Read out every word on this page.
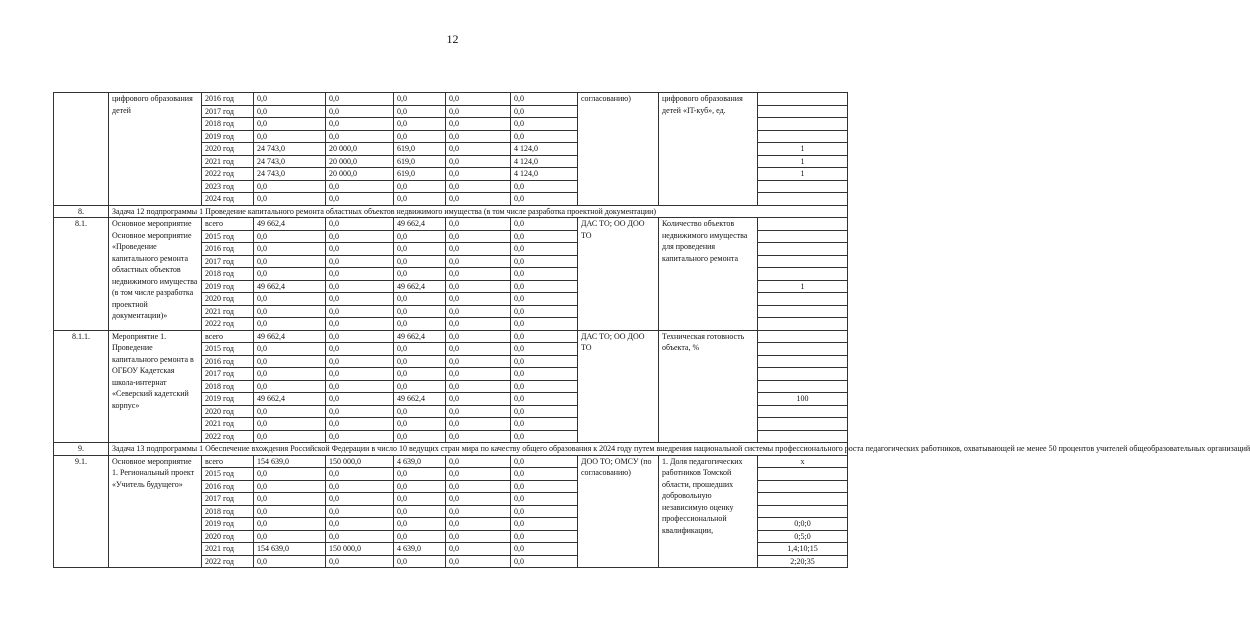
12
	цифрового образования детей	2016 год	0,0	0,0	0,0	0,0	0,0	согласованию)	цифрового образования детей «IT-куб», ед.	
		2017 год	0,0	0,0	0,0	0,0	0,0			
		2018 год	0,0	0,0	0,0	0,0	0,0			
		2019 год	0,0	0,0	0,0	0,0	0,0			
		2020 год	24 743,0	20 000,0	619,0	0,0	4 124,0			1
		2021 год	24 743,0	20 000,0	619,0	0,0	4 124,0			1
		2022 год	24 743,0	20 000,0	619,0	0,0	4 124,0			1
		2023 год	0,0	0,0	0,0	0,0	0,0			
		2024 год	0,0	0,0	0,0	0,0	0,0			
8.	Задача 12 подпрограммы 1 Проведение капитального ремонта областных объектов недвижимого имущества (в том числе разработка проектной документации)									
8.1.	Основное мероприятие Основное мероприятие «Проведение капитального ремонта областных объектов недвижимого имущества (в том числе разработка проектной документации)»	всего	49 662,4	0,0	49 662,4	0,0	0,0	ДАС ТО; ОО ДОО ТО	Количество объектов недвижимого имущества для проведения капитального ремонта	
		2015 год	0,0	0,0	0,0	0,0	0,0			
		2016 год	0,0	0,0	0,0	0,0	0,0			
		2017 год	0,0	0,0	0,0	0,0	0,0			
		2018 год	0,0	0,0	0,0	0,0	0,0			
		2019 год	49 662,4	0,0	49 662,4	0,0	0,0			1
		2020 год	0,0	0,0	0,0	0,0	0,0			
		2021 год	0,0	0,0	0,0	0,0	0,0			
		2022 год	0,0	0,0	0,0	0,0	0,0			
8.1.1.	Мероприятие 1. Проведение капитального ремонта в ОГБОУ Кадетская школа-интернат «Северский кадетский корпус»	всего	49 662,4	0,0	49 662,4	0,0	0,0	ДАС ТО; ОО ДОО ТО	Техническая готовность объекта, %	
		2015 год	0,0	0,0	0,0	0,0	0,0			
		2016 год	0,0	0,0	0,0	0,0	0,0			
		2017 год	0,0	0,0	0,0	0,0	0,0			
		2018 год	0,0	0,0	0,0	0,0	0,0			
		2019 год	49 662,4	0,0	49 662,4	0,0	0,0			100
		2020 год	0,0	0,0	0,0	0,0	0,0			
		2021 год	0,0	0,0	0,0	0,0	0,0			
		2022 год	0,0	0,0	0,0	0,0	0,0			
9.	Задача 13 подпрограммы 1 Обеспечение вхождения Российской Федерации в число 10 ведущих стран мира по качеству общего образования к 2024 году путем внедрения национальной системы профессионального роста педагогических работников, охватывающей не менее 50 процентов учителей общеобразовательных организаций									
9.1.	Основное мероприятие 1. Региональный проект «Учитель будущего»	всего	154 639,0	150 000,0	4 639,0	0,0	0,0	ДОО ТО; ОМСУ (по согласованию)	1. Доля педагогических работников Томской области, прошедших добровольную независимую оценку профессиональной квалификации,	x
		2015 год	0,0	0,0	0,0	0,0	0,0			
		2016 год	0,0	0,0	0,0	0,0	0,0			
		2017 год	0,0	0,0	0,0	0,0	0,0			
		2018 год	0,0	0,0	0,0	0,0	0,0			
		2019 год	0,0	0,0	0,0	0,0	0,0			0;0;0
		2020 год	0,0	0,0	0,0	0,0	0,0			0;5;0
		2021 год	154 639,0	150 000,0	4 639,0	0,0	0,0			1,4;10;15
		2022 год	0,0	0,0	0,0	0,0	0,0			2;20;35
